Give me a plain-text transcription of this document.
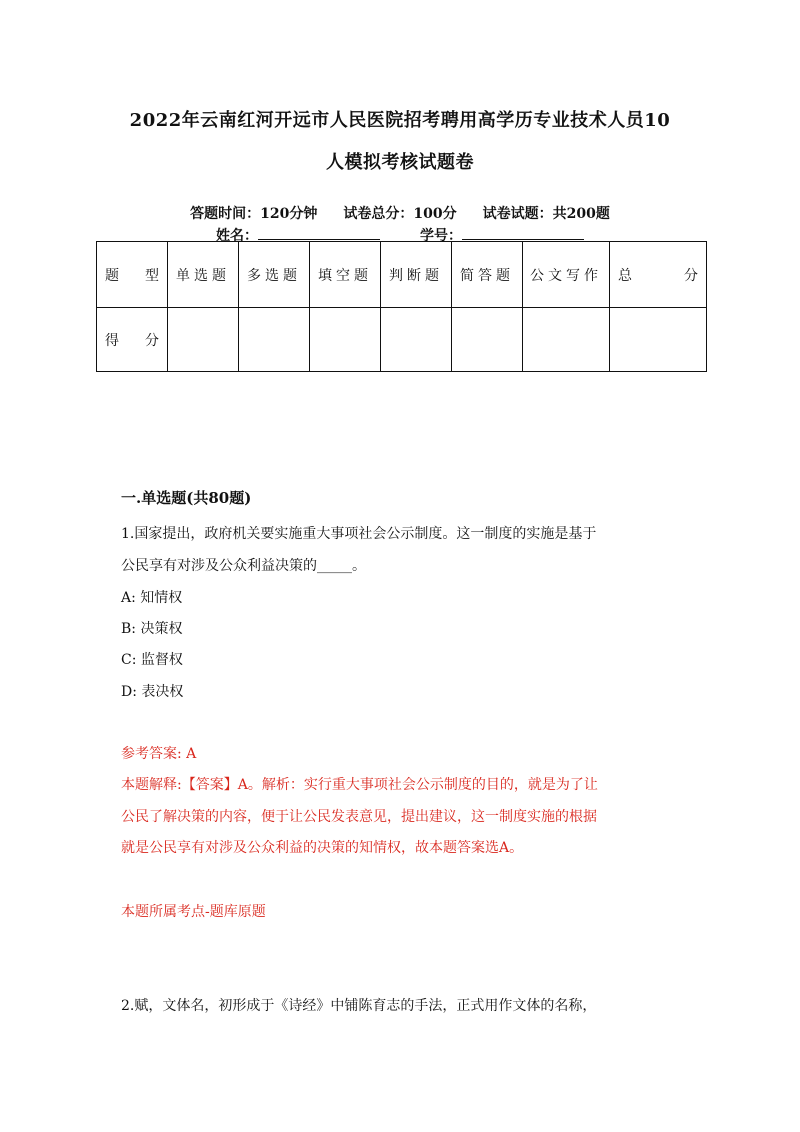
2022年云南红河开远市人民医院招考聘用高学历专业技术人员10
人模拟考核试题卷
答题时间：120分钟 试卷总分：100分 试卷试题：共200题
姓名：	学号：
题 型	单选题	多选题	填空题	判断题	简答题	公文写作	总 分

得 分							

一.单选题(共80题)
1.国家提出，政府机关要实施重大事项社会公示制度。这一制度的实施是基于
公民享有对涉及公众利益决策的_____。
A: 知情权
B: 决策权
C: 监督权
D: 表决权
参考答案: A
本题解释:【答案】A。解析：实行重大事项社会公示制度的目的，就是为了让
公民了解决策的内容，便于让公民发表意见，提出建议，这一制度实施的根据
就是公民享有对涉及公众利益的决策的知情权，故本题答案选A。
本题所属考点-题库原题
2.赋，文体名，初形成于《诗经》中铺陈育志的手法，正式用作文体的名称，
